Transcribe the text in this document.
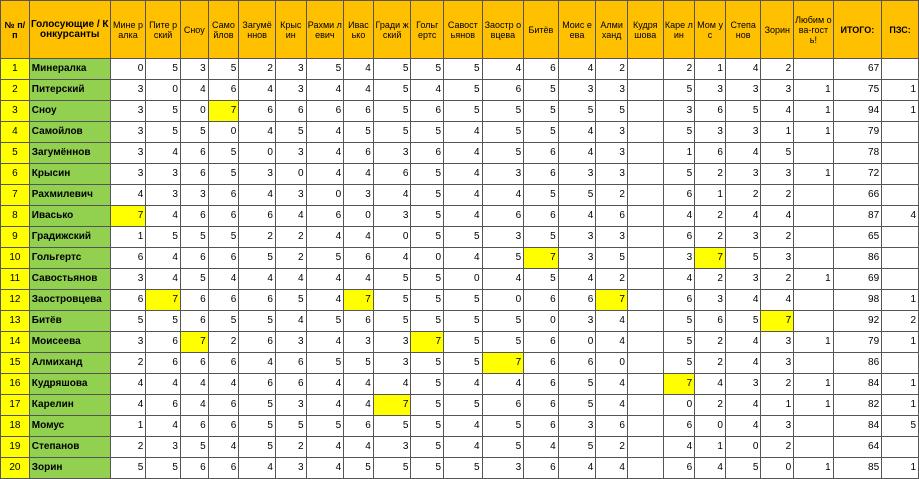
№ п/п	Голосующие / Конкурсанты	Мине ралка	Пите рский	Сноу	Само йлов	Загумё ннов	Крыс ин	Рахми левич	Ивас ько	Гради жский	Гольг ертс	Савост ьянов	Заостр овцева	Битёв	Моис еева	Алми ханд	Кудря шова	Каре лин	Мом ус	Степа нов	Зорин	Любим ова-гость!	ИТОГО:	ПЗС:
1	Минералка	0	5	3	5	2	3	5	4	5	5	5	4	6	4	2		2	1	4	2		67	
2	Питерский	3	0	4	6	4	3	4	4	5	4	5	6	5	3	3		5	3	3	3	1	75	1
3	Сноу	3	5	0	7	6	6	6	6	5	6	5	5	5	5	5		3	6	5	4	1	94	1
4	Самойлов	3	5	5	0	4	5	4	5	5	5	4	5	5	4	3		5	3	3	1	1	79	
5	Загумённов	3	4	6	5	0	3	4	6	3	6	4	5	6	4	3		1	6	4	5		78	
6	Крысин	3	3	6	5	3	0	4	4	6	5	4	3	6	3	3		5	2	3	3	1	72	
7	Рахмилевич	4	3	3	6	4	3	0	3	4	5	4	4	5	5	2		6	1	2	2		66	
8	Ивасько	7	4	6	6	6	4	6	0	3	5	4	6	6	4	6		4	2	4	4		87	4
9	Градижский	1	5	5	5	2	2	4	4	0	5	5	3	5	3	3		6	2	3	2		65	
10	Гольгертс	6	4	6	6	5	2	5	6	4	0	4	5	7	3	5		3	7	5	3		86	
11	Савостьянов	3	4	5	4	4	4	4	4	5	5	0	4	5	4	2		4	2	3	2	1	69	
12	Заостровцева	6	7	6	6	6	5	4	7	5	5	5	0	6	6	7		6	3	4	4		98	1
13	Битёв	5	5	6	5	5	4	5	6	5	5	5	5	0	3	4		5	6	5	7		92	2
14	Моисеева	3	6	7	2	6	3	4	3	3	7	5	5	6	0	4		5	2	4	3	1	79	1
15	Алмиханд	2	6	6	6	4	6	5	5	3	5	5	7	6	6	0		5	2	4	3		86	
16	Кудряшова	4	4	4	4	6	6	4	4	4	5	4	4	6	5	4		7	4	3	2	1	84	1
17	Карелин	4	6	4	6	5	3	4	4	7	5	5	6	6	5	4		0	2	4	1	1	82	1
18	Момус	1	4	6	6	5	5	5	6	5	5	4	5	6	3	6		6	0	4	3		84	5
19	Степанов	2	3	5	4	5	2	4	4	3	5	4	5	4	5	2		4	1	0	2		64	
20	Зорин	5	5	6	6	4	3	4	5	5	5	5	3	6	4	4		6	4	5	0	1	85	1
